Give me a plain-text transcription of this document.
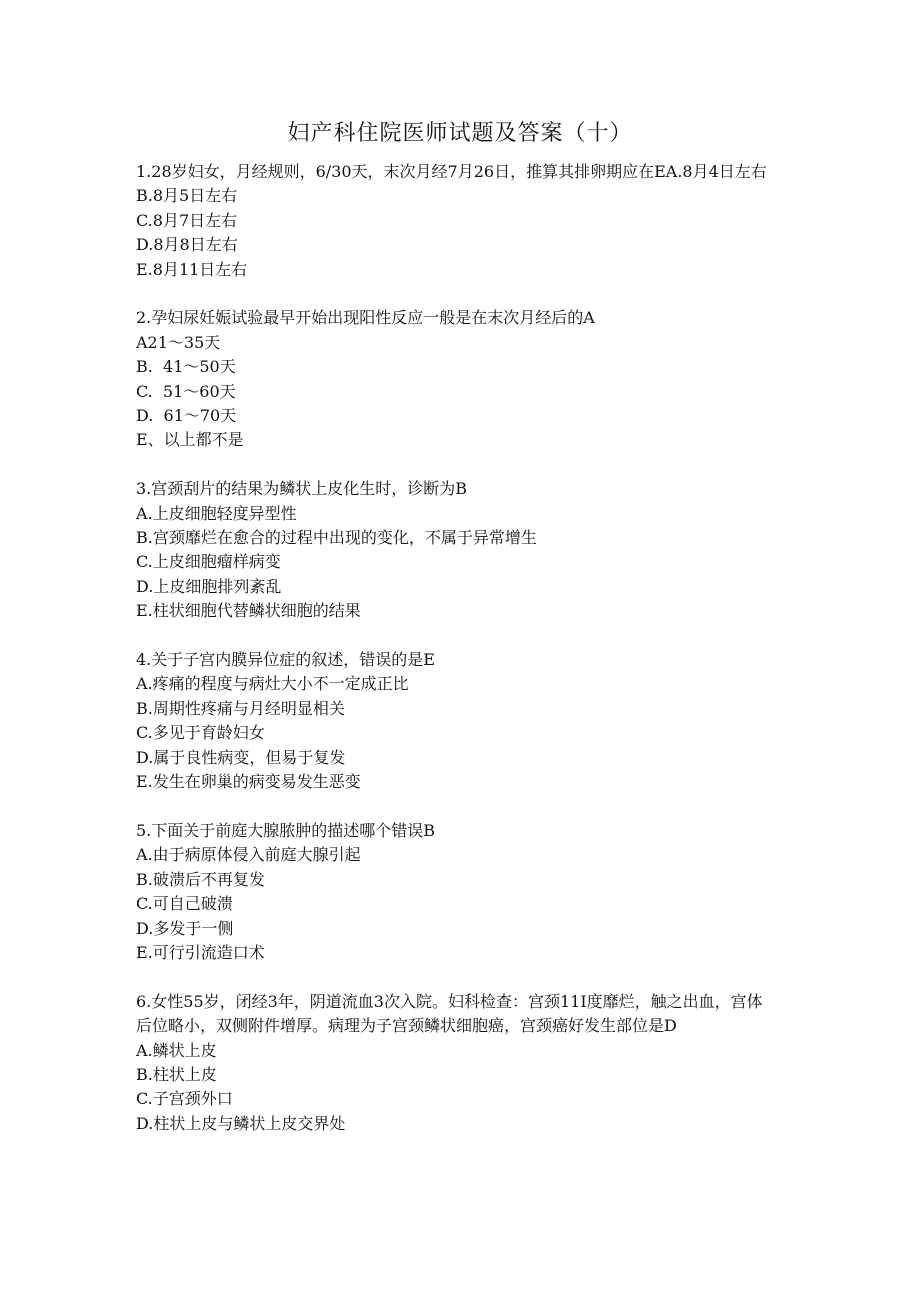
妇产科住院医师试题及答案（十）

1.28岁妇女，月经规则，6/30天，末次月经7月26日，推算其排卵期应在EA.8月4日左右

B.8月5日左右

C.8月7日左右

D.8月8日左右

E.8月11日左右

2.孕妇尿妊娠试验最早开始出现阳性反应一般是在末次月经后的A

A21～35天

B.  41～50天

C.  51～60天

D.  61～70天

E、以上都不是

3.宫颈刮片的结果为鳞状上皮化生时，诊断为B

A.上皮细胞轻度异型性

B.宫颈靡烂在愈合的过程中出现的变化，不属于异常增生

C.上皮细胞瘤样病变

D.上皮细胞排列紊乱

E.柱状细胞代替鳞状细胞的结果

4.关于子宫内膜异位症的叙述，错误的是E

A.疼痛的程度与病灶大小不一定成正比

B.周期性疼痛与月经明显相关

C.多见于育龄妇女

D.属于良性病变，但易于复发

E.发生在卵巢的病变易发生恶变

5.下面关于前庭大腺脓肿的描述哪个错误B

A.由于病原体侵入前庭大腺引起

B.破溃后不再复发

C.可自己破溃

D.多发于一侧

E.可行引流造口术

6.女性55岁，闭经3年，阴道流血3次入院。妇科检查：宫颈11I度靡烂，触之出血，宫体后位略小，双侧附件增厚。病理为子宫颈鳞状细胞癌，宫颈癌好发生部位是D

A.鳞状上皮

B.柱状上皮

C.子宫颈外口

D.柱状上皮与鳞状上皮交界处
